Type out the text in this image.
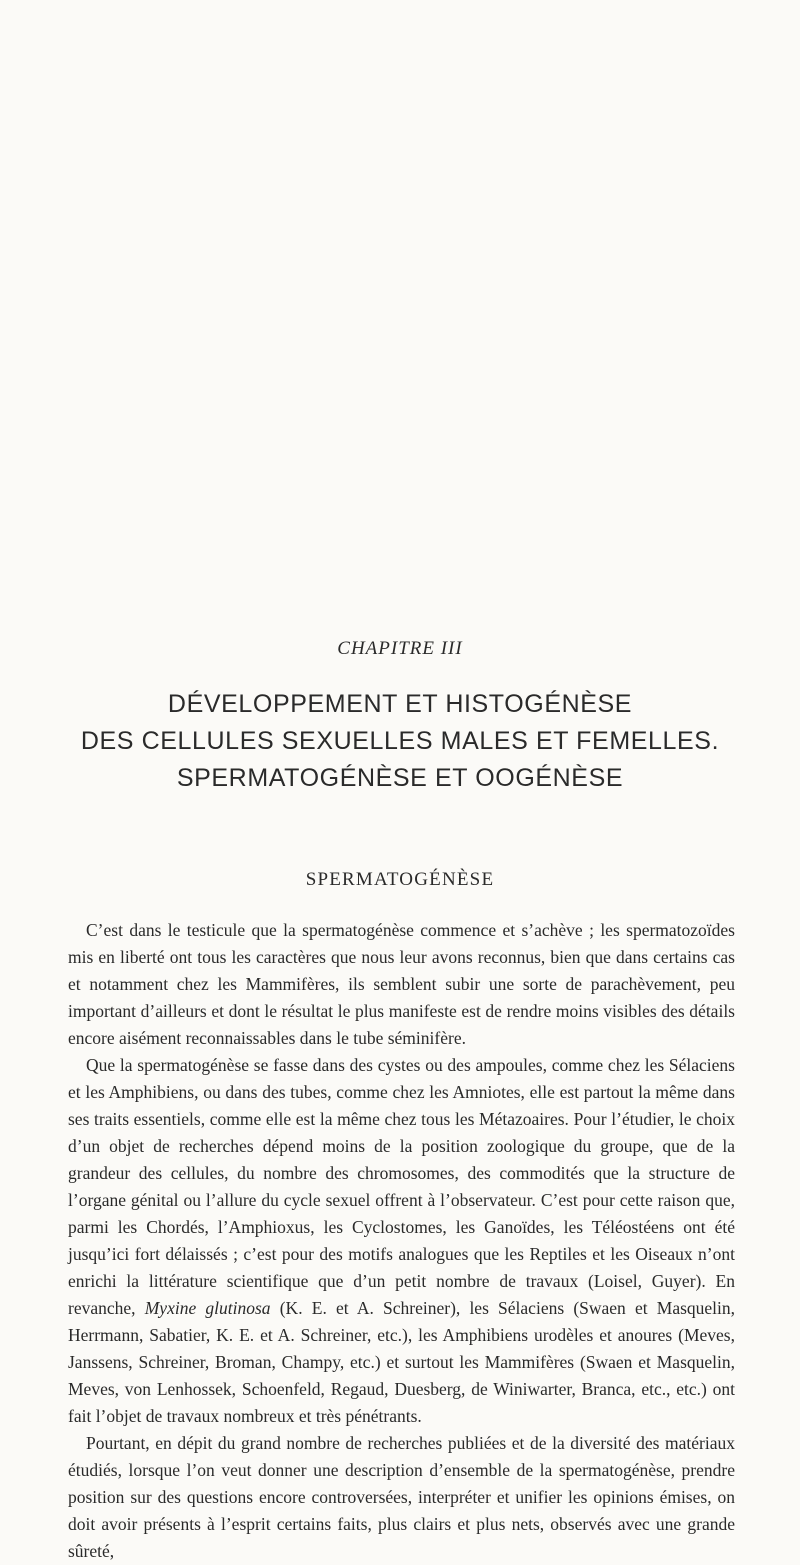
CHAPITRE III
DÉVELOPPEMENT ET HISTOGÉNÈSE
DES CELLULES SEXUELLES MALES ET FEMELLES.
SPERMATOGÉNÈSE ET OOGÉNÈSE
SPERMATOGÉNÈSE

C’est dans le testicule que la spermatogénèse commence et s’achève ; les spermatozoïdes mis en liberté ont tous les caractères que nous leur avons reconnus, bien que dans certains cas et notamment chez les Mammifères, ils semblent subir une sorte de parachèvement, peu important d’ailleurs et dont le résultat le plus manifeste est de rendre moins visibles des détails encore aisément reconnaissables dans le tube séminifère.

Que la spermatogénèse se fasse dans des cystes ou des ampoules, comme chez les Sélaciens et les Amphibiens, ou dans des tubes, comme chez les Amniotes, elle est partout la même dans ses traits essentiels, comme elle est la même chez tous les Métazoaires. Pour l’étudier, le choix d’un objet de recherches dépend moins de la position zoologique du groupe, que de la grandeur des cellules, du nombre des chromosomes, des commodités que la structure de l’organe génital ou l’allure du cycle sexuel offrent à l’observateur. C’est pour cette raison que, parmi les Chordés, l’Amphioxus, les Cyclostomes, les Ganoïdes, les Téléostéens ont été jusqu’ici fort délaissés ; c’est pour des motifs analogues que les Reptiles et les Oiseaux n’ont enrichi la littérature scientifique que d’un petit nombre de travaux (Loisel, Guyer). En revanche, Myxine glutinosa (K. E. et A. Schreiner), les Sélaciens (Swaen et Masquelin, Herrmann, Sabatier, K. E. et A. Schreiner, etc.), les Amphibiens urodèles et anoures (Meves, Janssens, Schreiner, Broman, Champy, etc.) et surtout les Mammifères (Swaen et Masquelin, Meves, von Lenhossek, Schoenfeld, Regaud, Duesberg, de Winiwarter, Branca, etc., etc.) ont fait l’objet de travaux nombreux et très pénétrants.

Pourtant, en dépit du grand nombre de recherches publiées et de la diversité des matériaux étudiés, lorsque l’on veut donner une description d’ensemble de la spermatogénèse, prendre position sur des questions encore controversées, interpréter et unifier les opinions émises, on doit avoir présents à l’esprit certains faits, plus clairs et plus nets, observés avec une grande sûreté,
